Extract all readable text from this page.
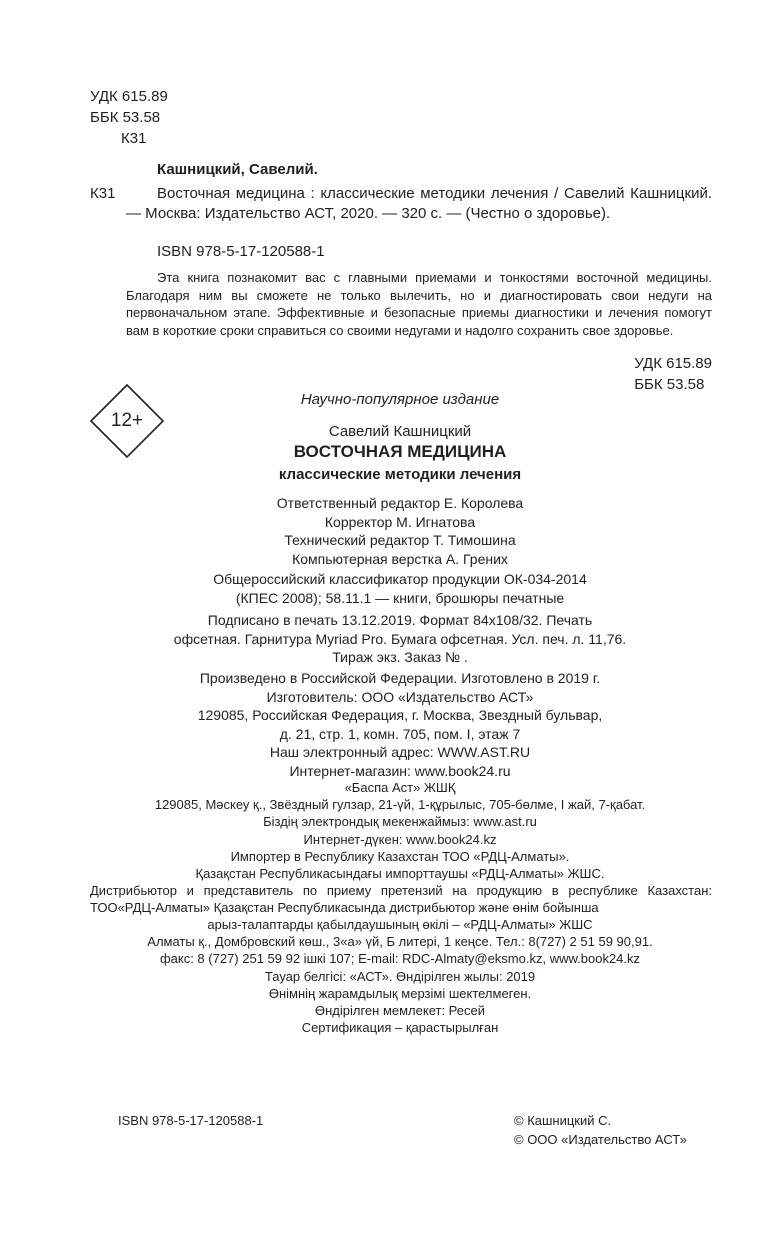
УДК 615.89
ББК 53.58
К31
Кашницкий, Савелий.
К31	Восточная медицина : классические методики лечения / Савелий Кашницкий. — Москва: Издательство АСТ, 2020. — 320 с. — (Честно о здоровье).

ISBN 978-5-17-120588-1

Эта книга познакомит вас с главными приемами и тонкостями восточной медицины. Благодаря ним вы сможете не только вылечить, но и диагностировать свои недуги на первоначальном этапе. Эффективные и безопасные приемы диагностики и лечения помогут вам в короткие сроки справиться со своими недугами и надолго сохранить свое здоровье.

УДК 615.89
ББК 53.58
12+
Научно-популярное издание
Савелий Кашницкий
ВОСТОЧНАЯ МЕДИЦИНА
классические методики лечения
Ответственный редактор Е. Королева
Корректор М. Игнатова
Технический редактор Т. Тимошина
Компьютерная верстка А. Грених
Общероссийский классификатор продукции ОК-034-2014
(КПЕС 2008); 58.11.1 — книги, брошюры печатные
Подписано в печать 13.12.2019. Формат 84x108/32. Печать
офсетная. Гарнитура Myriad Pro. Бумага офсетная. Усл. печ. л. 11,76.
Тираж экз. Заказ № .
Произведено в Российской Федерации. Изготовлено в 2019 г.
Изготовитель: ООО «Издательство АСТ»
129085, Российская Федерация, г. Москва, Звездный бульвар,
д. 21, стр. 1, комн. 705, пом. I, этаж 7
Наш электронный адрес: WWW.AST.RU
Интернет-магазин: www.book24.ru
«Баспа Аст» ЖШҚ
129085, Мәскеу қ., Звёздный гулзар, 21-үй, 1-құрылыс, 705-бөлме, I жай, 7-қабат.
Біздің электрондық мекенжаймыз: www.ast.ru
Интернет-дүкен: www.book24.kz
Импортер в Республику Казахстан ТОО «РДЦ-Алматы».
Қазақстан Республикасындағы импорттаушы «РДЦ-Алматы» ЖШС.

Дистрибьютор и представитель по приему претензий на продукцию в республике Казахстан: ТОО«РДЦ-Алматы» Қазақстан Республикасында дистрибьютор және өнім бойынша

арыз-талаптарды қабылдаушының өкілі – «РДЦ-Алматы» ЖШС
Алматы қ., Домбровский көш., 3«а» үй, Б литері, 1 кеңсе. Тел.: 8(727) 2 51 59 90,91.
факс: 8 (727) 251 59 92 ішкі 107; E-mail: RDC-Almaty@eksmo.kz, www.book24.kz
Тауар белгісі: «АСТ». Өндірілген жылы: 2019
Өнімнің жарамдылық мерзімі шектелмеген.
Өндірілген мемлекет: Ресей
Сертификация – қарастырылған
ISBN 978-5-17-120588-1	© Кашницкий С.
© ООО «Издательство АСТ»
